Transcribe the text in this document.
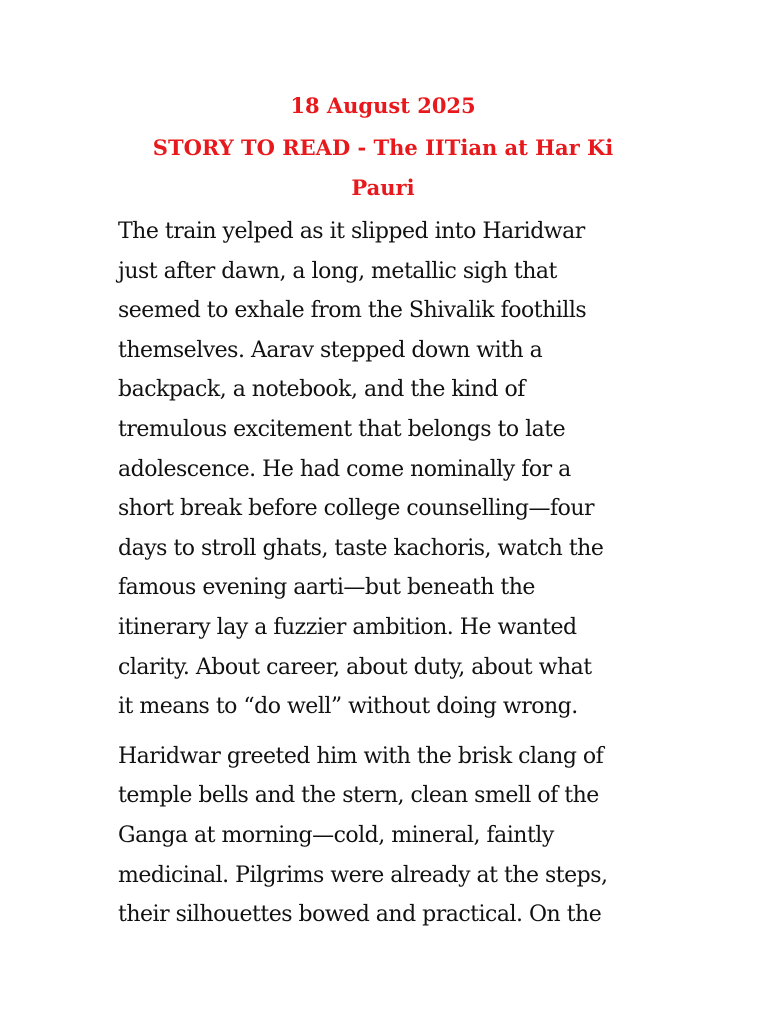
18 August 2025
STORY TO READ - The IITian at Har Ki Pauri

The train yelped as it slipped into Haridwar
just after dawn, a long, metallic sigh that
seemed to exhale from the Shivalik foothills
themselves. Aarav stepped down with a
backpack, a notebook, and the kind of
tremulous excitement that belongs to late
adolescence. He had come nominally for a
short break before college counselling—four
days to stroll ghats, taste kachoris, watch the
famous evening aarti—but beneath the
itinerary lay a fuzzier ambition. He wanted
clarity. About career, about duty, about what
it means to “do well” without doing wrong.

Haridwar greeted him with the brisk clang of
temple bells and the stern, clean smell of the
Ganga at morning—cold, mineral, faintly
medicinal. Pilgrims were already at the steps,
their silhouettes bowed and practical. On the
